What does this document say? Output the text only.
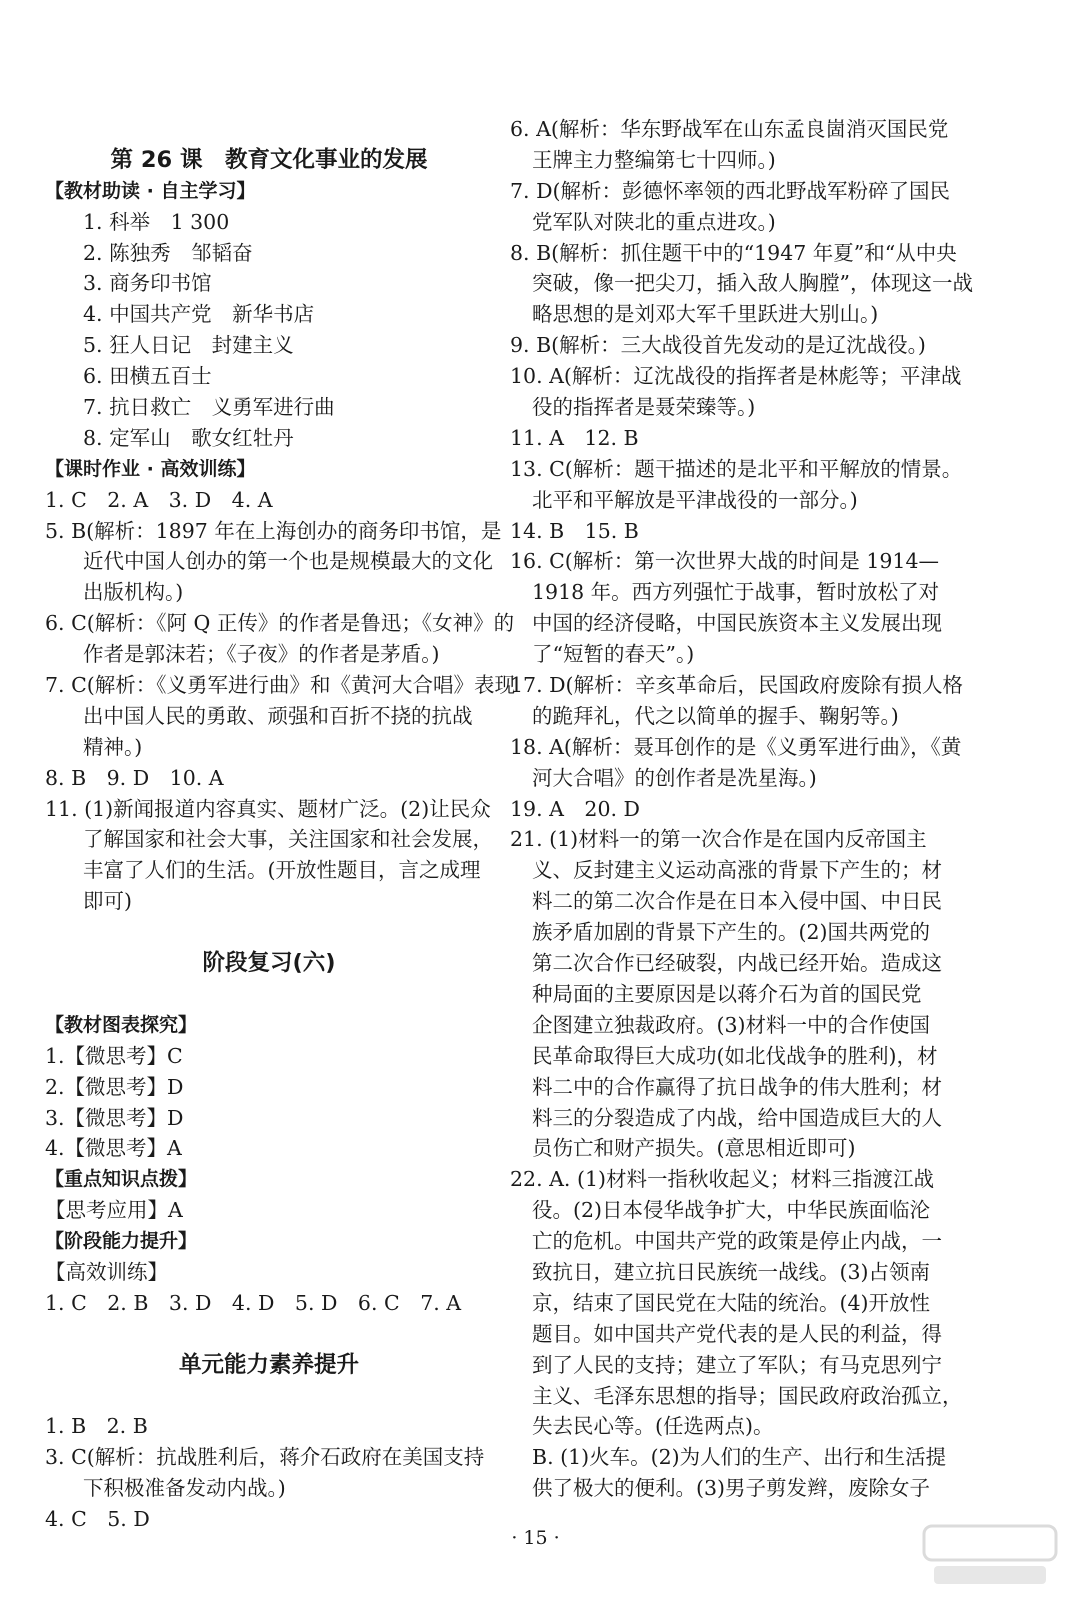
第 26 课　教育文化事业的发展
【教材助读 · 自主学习】
1. 科举　1 300
2. 陈独秀　邹韬奋
3. 商务印书馆
4. 中国共产党　新华书店
5. 狂人日记　封建主义
6. 田横五百士
7. 抗日救亡　义勇军进行曲
8. 定军山　歌女红牡丹
【课时作业 · 高效训练】
1. C　2. A　3. D　4. A
5. B(解析：1897 年在上海创办的商务印书馆，是
近代中国人创办的第一个也是规模最大的文化
出版机构。)
6. C(解析：《阿 Q 正传》的作者是鲁迅；《女神》的
作者是郭沫若；《子夜》的作者是茅盾。)
7. C(解析：《义勇军进行曲》和《黄河大合唱》表现
出中国人民的勇敢、顽强和百折不挠的抗战
精神。)
8. B　9. D　10. A
11. (1)新闻报道内容真实、题材广泛。(2)让民众
了解国家和社会大事，关注国家和社会发展，
丰富了人们的生活。(开放性题目，言之成理
即可)
阶段复习(六)
【教材图表探究】
1.【微思考】C
2.【微思考】D
3.【微思考】D
4.【微思考】A
【重点知识点拨】
【思考应用】A
【阶段能力提升】
【高效训练】
1. C　2. B　3. D　4. D　5. D　6. C　7. A
单元能力素养提升
1. B　2. B
3. C(解析：抗战胜利后，蒋介石政府在美国支持
下积极准备发动内战。)
4. C　5. D
6. A(解析：华东野战军在山东孟良崮消灭国民党
王牌主力整编第七十四师。)
7. D(解析：彭德怀率领的西北野战军粉碎了国民
党军队对陕北的重点进攻。)
8. B(解析：抓住题干中的“1947 年夏”和“从中央
突破，像一把尖刀，插入敌人胸膛”，体现这一战
略思想的是刘邓大军千里跃进大别山。)
9. B(解析：三大战役首先发动的是辽沈战役。)
10. A(解析：辽沈战役的指挥者是林彪等；平津战
役的指挥者是聂荣臻等。)
11. A　12. B
13. C(解析：题干描述的是北平和平解放的情景。
北平和平解放是平津战役的一部分。)
14. B　15. B
16. C(解析：第一次世界大战的时间是 1914—
1918 年。西方列强忙于战事，暂时放松了对
中国的经济侵略，中国民族资本主义发展出现
了“短暂的春天”。)
17. D(解析：辛亥革命后，民国政府废除有损人格
的跪拜礼，代之以简单的握手、鞠躬等。)
18. A(解析：聂耳创作的是《义勇军进行曲》，《黄
河大合唱》的创作者是冼星海。)
19. A　20. D
21. (1)材料一的第一次合作是在国内反帝国主
义、反封建主义运动高涨的背景下产生的；材
料二的第二次合作是在日本入侵中国、中日民
族矛盾加剧的背景下产生的。(2)国共两党的
第二次合作已经破裂，内战已经开始。造成这
种局面的主要原因是以蒋介石为首的国民党
企图建立独裁政府。(3)材料一中的合作使国
民革命取得巨大成功(如北伐战争的胜利)，材
料二中的合作赢得了抗日战争的伟大胜利；材
料三的分裂造成了内战，给中国造成巨大的人
员伤亡和财产损失。(意思相近即可)
22. A. (1)材料一指秋收起义；材料三指渡江战
役。(2)日本侵华战争扩大，中华民族面临沦
亡的危机。中国共产党的政策是停止内战，一
致抗日，建立抗日民族统一战线。(3)占领南
京，结束了国民党在大陆的统治。(4)开放性
题目。如中国共产党代表的是人民的利益，得
到了人民的支持；建立了军队；有马克思列宁
主义、毛泽东思想的指导；国民政府政治孤立，
失去民心等。(任选两点)。
B. (1)火车。(2)为人们的生产、出行和生活提
供了极大的便利。(3)男子剪发辫，废除女子
· 15 ·
